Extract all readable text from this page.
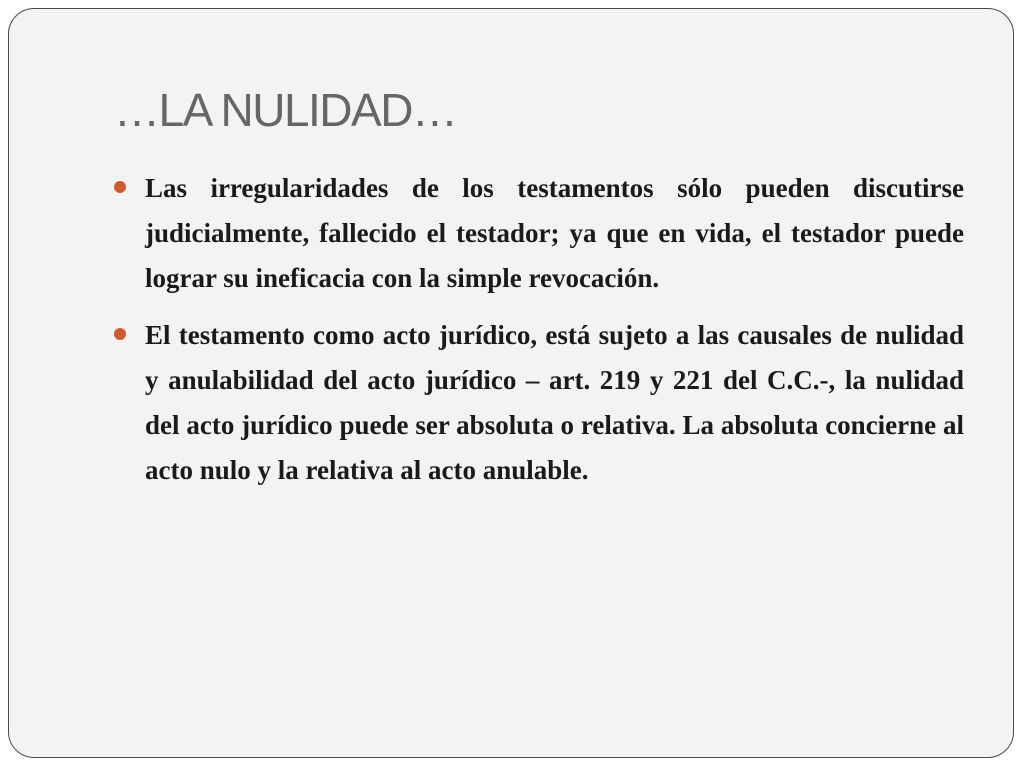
…LA NULIDAD…
Las irregularidades de los testamentos sólo pueden discutirse judicialmente, fallecido el testador; ya que en vida, el testador puede lograr su ineficacia con la simple revocación.
El testamento como acto jurídico, está sujeto a las causales de nulidad y anulabilidad del acto jurídico – art. 219 y 221 del C.C.-, la nulidad del acto jurídico puede ser absoluta o relativa. La absoluta concierne al acto nulo y la relativa al acto anulable.
